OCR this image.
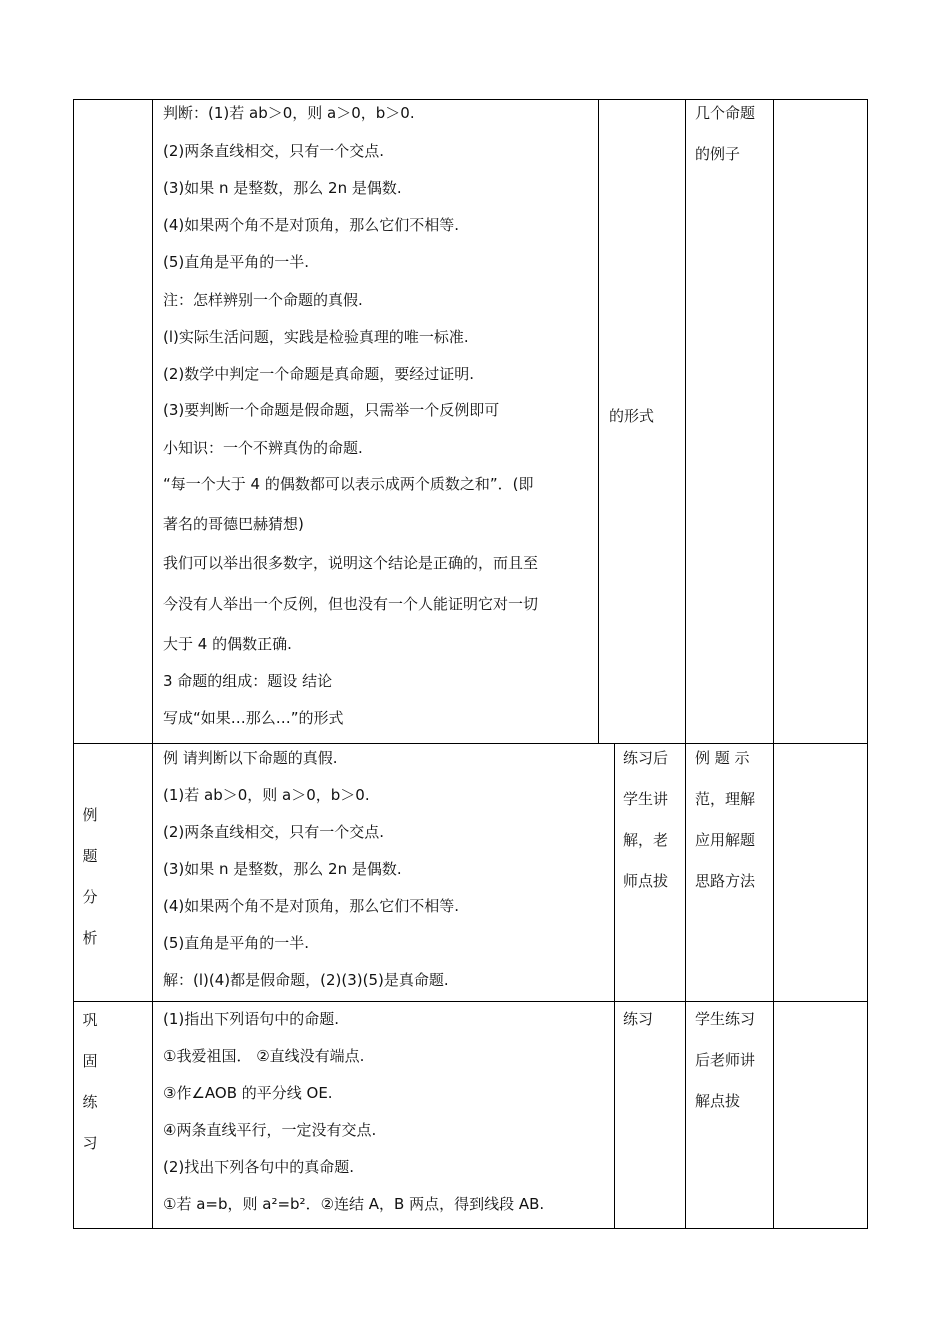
判断：(1)若 ab＞0，则 a＞0，b＞0.
(2)两条直线相交，只有一个交点.
(3)如果 n 是整数，那么 2n 是偶数.
(4)如果两个角不是对顶角，那么它们不相等.
(5)直角是平角的一半.
注：怎样辨别一个命题的真假.
(l)实际生活问题，实践是检验真理的唯一标准.
(2)数学中判定一个命题是真命题，要经过证明.
(3)要判断一个命题是假命题，只需举一个反例即可
小知识：一个不辨真伪的命题.
“每一个大于 4 的偶数都可以表示成两个质数之和”．(即
著名的哥德巴赫猜想)
我们可以举出很多数字，说明这个结论是正确的，而且至
今没有人举出一个反例，但也没有一个人能证明它对一切
大于 4 的偶数正确.
3 命题的组成：题设 结论
写成“如果…那么…”的形式
的形式
几个命题
的例子
例
题
分
析
例 请判断以下命题的真假.
(1)若 ab＞0，则 a＞0，b＞0.
(2)两条直线相交，只有一个交点.
(3)如果 n 是整数，那么 2n 是偶数.
(4)如果两个角不是对顶角，那么它们不相等.
(5)直角是平角的一半.
解：(l)(4)都是假命题，(2)(3)(5)是真命题.
练习后
学生讲
解，老
师点拔
例 题 示
范，理解
应用解题
思路方法
巩
固
练
习
(1)指出下列语句中的命题.
①我爱祖国． ②直线没有端点.
③作∠AOB 的平分线 OE.
④两条直线平行，一定没有交点.
(2)找出下列各句中的真命题.
①若 a=b，则 a²=b²．②连结 A，B 两点，得到线段 AB.
练习	学生练习
后老师讲
解点拔
